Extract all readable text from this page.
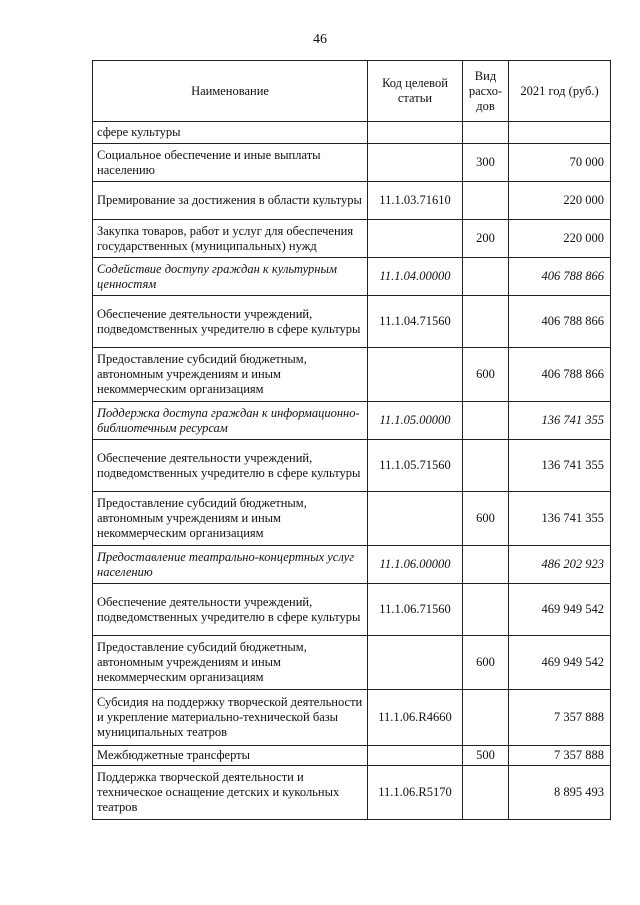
46
Наименование	Код целевой статьи	Вид расхо-дов	2021 год (руб.)
сфере культуры			
Социальное обеспечение и иные выплаты населению		300	70 000
Премирование за достижения в области культуры	11.1.03.71610		220 000
Закупка товаров, работ и услуг для обеспечения государственных (муниципальных) нужд		200	220 000
Содействие доступу граждан к культурным ценностям	11.1.04.00000		406 788 866
Обеспечение деятельности учреждений, подведомственных учредителю в сфере культуры	11.1.04.71560		406 788 866
Предоставление субсидий бюджетным, автономным учреждениям и иным некоммерческим организациям		600	406 788 866
Поддержка доступа граждан к информационно-библиотечным ресурсам	11.1.05.00000		136 741 355
Обеспечение деятельности учреждений, подведомственных учредителю в сфере культуры	11.1.05.71560		136 741 355
Предоставление субсидий бюджетным, автономным учреждениям и иным некоммерческим организациям		600	136 741 355
Предоставление театрально-концертных услуг населению	11.1.06.00000		486 202 923
Обеспечение деятельности учреждений, подведомственных учредителю в сфере культуры	11.1.06.71560		469 949 542
Предоставление субсидий бюджетным, автономным учреждениям и иным некоммерческим организациям		600	469 949 542
Субсидия на поддержку творческой деятельности и укрепление материально-технической базы муниципальных театров	11.1.06.R4660		7 357 888
Межбюджетные трансферты		500	7 357 888
Поддержка творческой деятельности и техническое оснащение детских и кукольных театров	11.1.06.R5170		8 895 493
